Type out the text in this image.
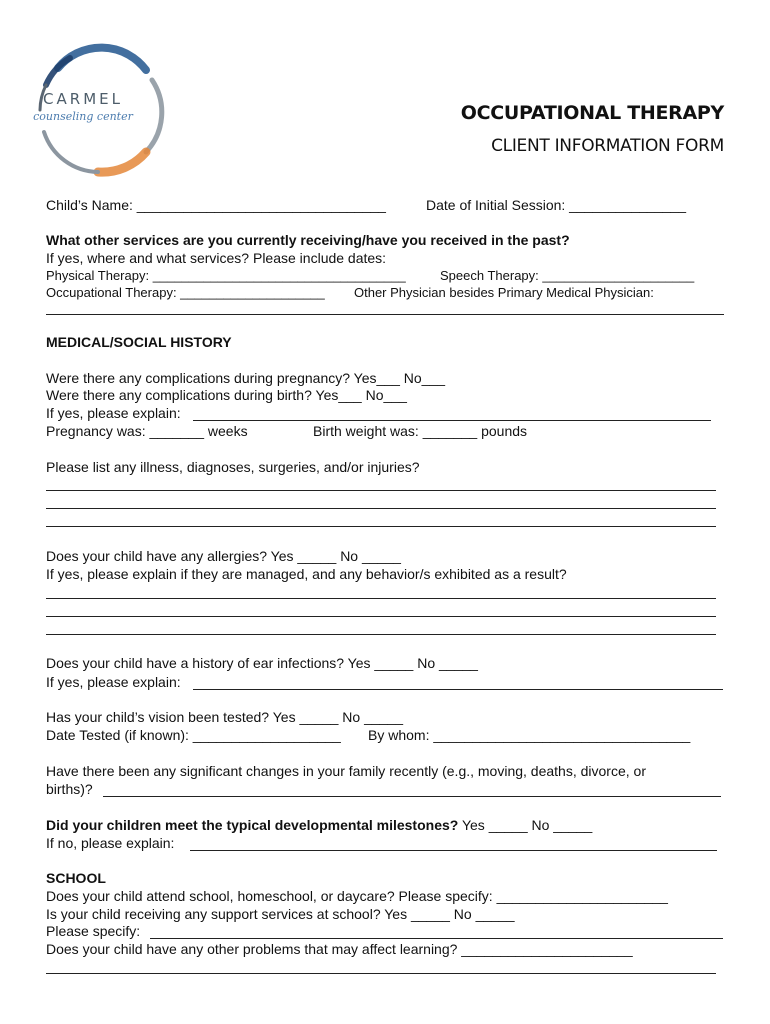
CARMEL
counseling center	OCCUPATIONAL THERAPY
CLIENT INFORMATION FORM
Child’s Name: ________________________________	Date of Initial Session: _______________
What other services are you currently receiving/have you received in the past?
If yes, where and what services? Please include dates:
Physical Therapy: ___________________________________	Speech Therapy: _____________________
Occupational Therapy: ____________________ Other Physician besides Primary Medical Physician:
MEDICAL/SOCIAL HISTORY
Were there any complications during pregnancy? Yes___ No___
Were there any complications during birth? Yes___ No___
If yes, please explain:
Pregnancy was: _______ weeks	Birth weight was: _______ pounds
Please list any illness, diagnoses, surgeries, and/or injuries?
Does your child have any allergies? Yes _____ No _____
If yes, please explain if they are managed, and any behavior/s exhibited as a result?
Does your child have a history of ear infections? Yes _____ No _____
If yes, please explain:
Has your child’s vision been tested? Yes _____ No _____
Date Tested (if known): ___________________ By whom: _________________________________
Have there been any significant changes in your family recently (e.g., moving, deaths, divorce, or
births)?
Did your children meet the typical developmental milestones? Yes _____ No _____
If no, please explain:
SCHOOL
Does your child attend school, homeschool, or daycare? Please specify: ______________________
Is your child receiving any support services at school? Yes _____ No _____
Please specify:
Does your child have any other problems that may affect learning? ______________________
